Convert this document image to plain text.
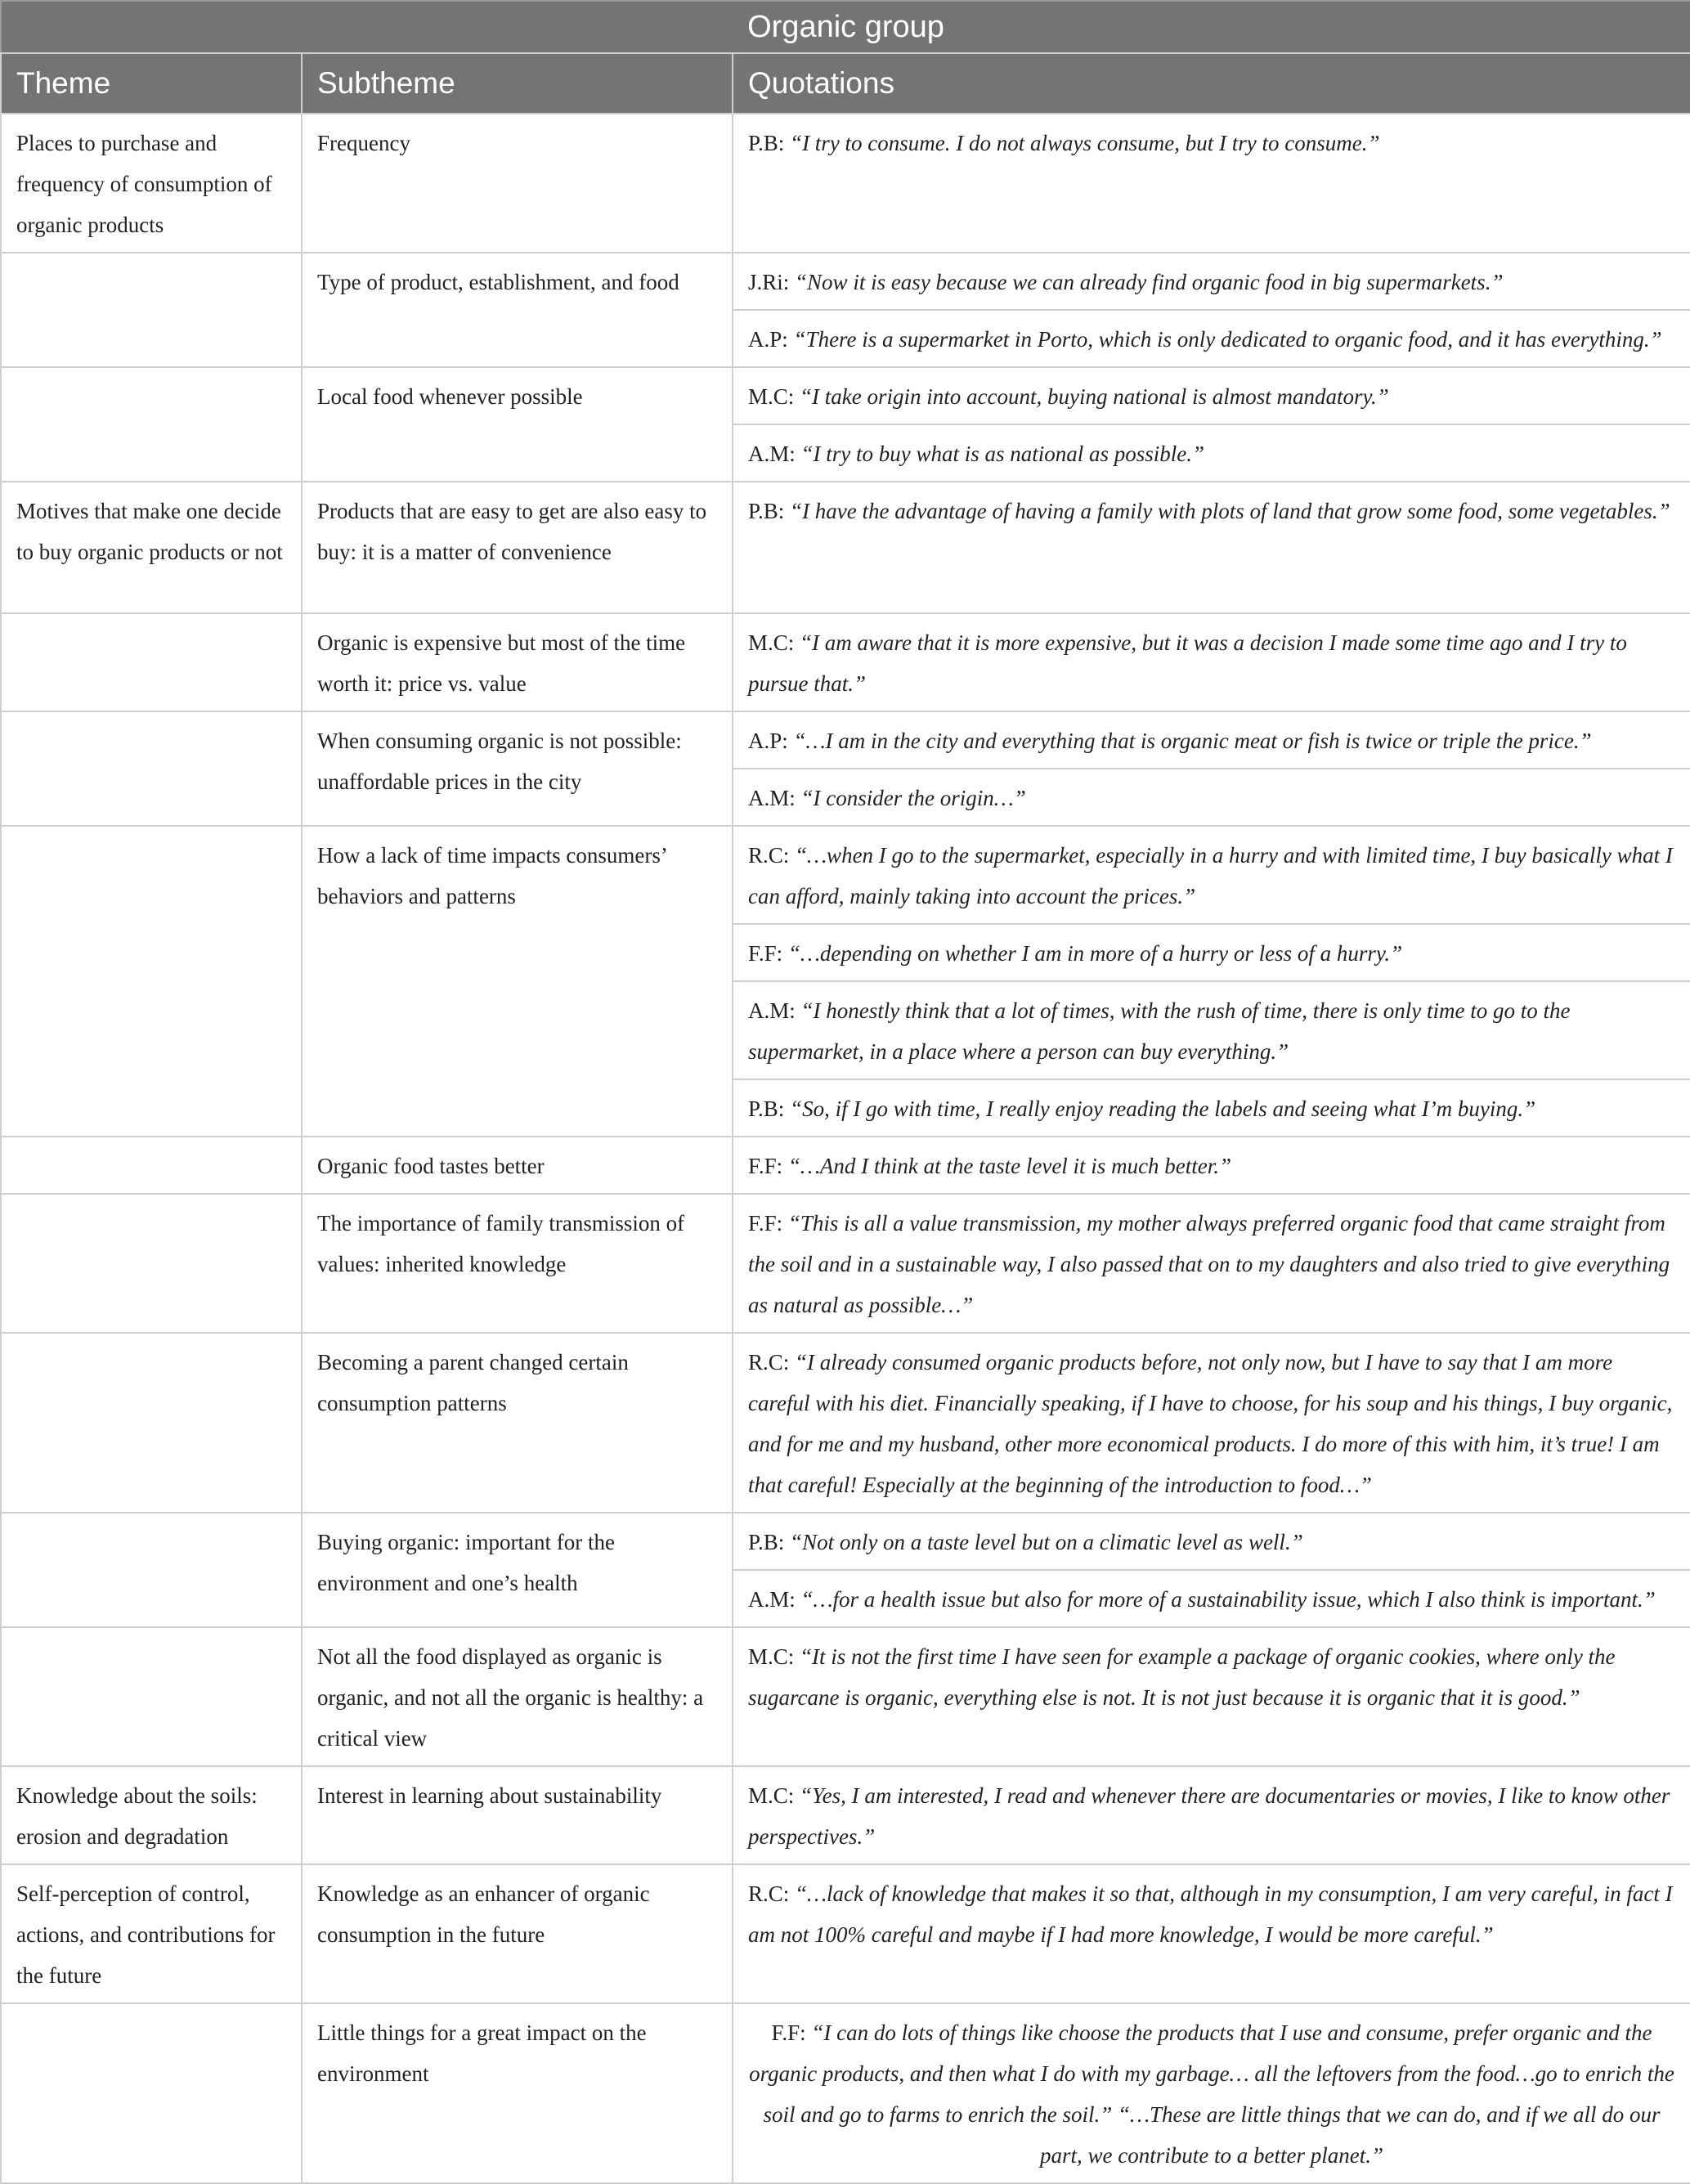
Organic group		
Theme	Subtheme	Quotations
Places to purchase and frequency of consumption of organic products	Frequency	P.B: “I try to consume. I do not always consume, but I try to consume.”
	Type of product, establishment, and food	J.Ri: “Now it is easy because we can already find organic food in big supermarkets.”
		A.P: “There is a supermarket in Porto, which is only dedicated to organic food, and it has everything.”
	Local food whenever possible	M.C: “I take origin into account, buying national is almost mandatory.”
		A.M: “I try to buy what is as national as possible.”
Motives that make one decide to buy organic products or not	Products that are easy to get are also easy to buy: it is a matter of convenience	P.B: “I have the advantage of having a family with plots of land that grow some food, some vegetables.”
	Organic is expensive but most of the time worth it: price vs. value	M.C: “I am aware that it is more expensive, but it was a decision I made some time ago and I try to pursue that.”
	When consuming organic is not possible: unaffordable prices in the city	A.P: “…I am in the city and everything that is organic meat or fish is twice or triple the price.”
		A.M: “I consider the origin…”
	How a lack of time impacts consumers’ behaviors and patterns	R.C: “…when I go to the supermarket, especially in a hurry and with limited time, I buy basically what I can afford, mainly taking into account the prices.”
		F.F: “…depending on whether I am in more of a hurry or less of a hurry.”
		A.M: “I honestly think that a lot of times, with the rush of time, there is only time to go to the supermarket, in a place where a person can buy everything.”
		P.B: “So, if I go with time, I really enjoy reading the labels and seeing what I’m buying.”
	Organic food tastes better	F.F: “…And I think at the taste level it is much better.”
	The importance of family transmission of values: inherited knowledge	F.F: “This is all a value transmission, my mother always preferred organic food that came straight from the soil and in a sustainable way, I also passed that on to my daughters and also tried to give everything as natural as possible…”
	Becoming a parent changed certain consumption patterns	R.C: “I already consumed organic products before, not only now, but I have to say that I am more careful with his diet. Financially speaking, if I have to choose, for his soup and his things, I buy organic, and for me and my husband, other more economical products. I do more of this with him, it’s true! I am that careful! Especially at the beginning of the introduction to food…”
	Buying organic: important for the environment and one’s health	P.B: “Not only on a taste level but on a climatic level as well.”
		A.M: “…for a health issue but also for more of a sustainability issue, which I also think is important.”
	Not all the food displayed as organic is organic, and not all the organic is healthy: a critical view	M.C: “It is not the first time I have seen for example a package of organic cookies, where only the sugarcane is organic, everything else is not. It is not just because it is organic that it is good.”
Knowledge about the soils: erosion and degradation	Interest in learning about sustainability	M.C: “Yes, I am interested, I read and whenever there are documentaries or movies, I like to know other perspectives.”
Self-perception of control, actions, and contributions for the future	Knowledge as an enhancer of organic consumption in the future	R.C: “…lack of knowledge that makes it so that, although in my consumption, I am very careful, in fact I am not 100% careful and maybe if I had more knowledge, I would be more careful.”
	Little things for a great impact on the environment	F.F: “I can do lots of things like choose the products that I use and consume, prefer organic and the organic products, and then what I do with my garbage… all the leftovers from the food…go to enrich the soil and go to farms to enrich the soil.” “…These are little things that we can do, and if we all do our part, we contribute to a better planet.”
